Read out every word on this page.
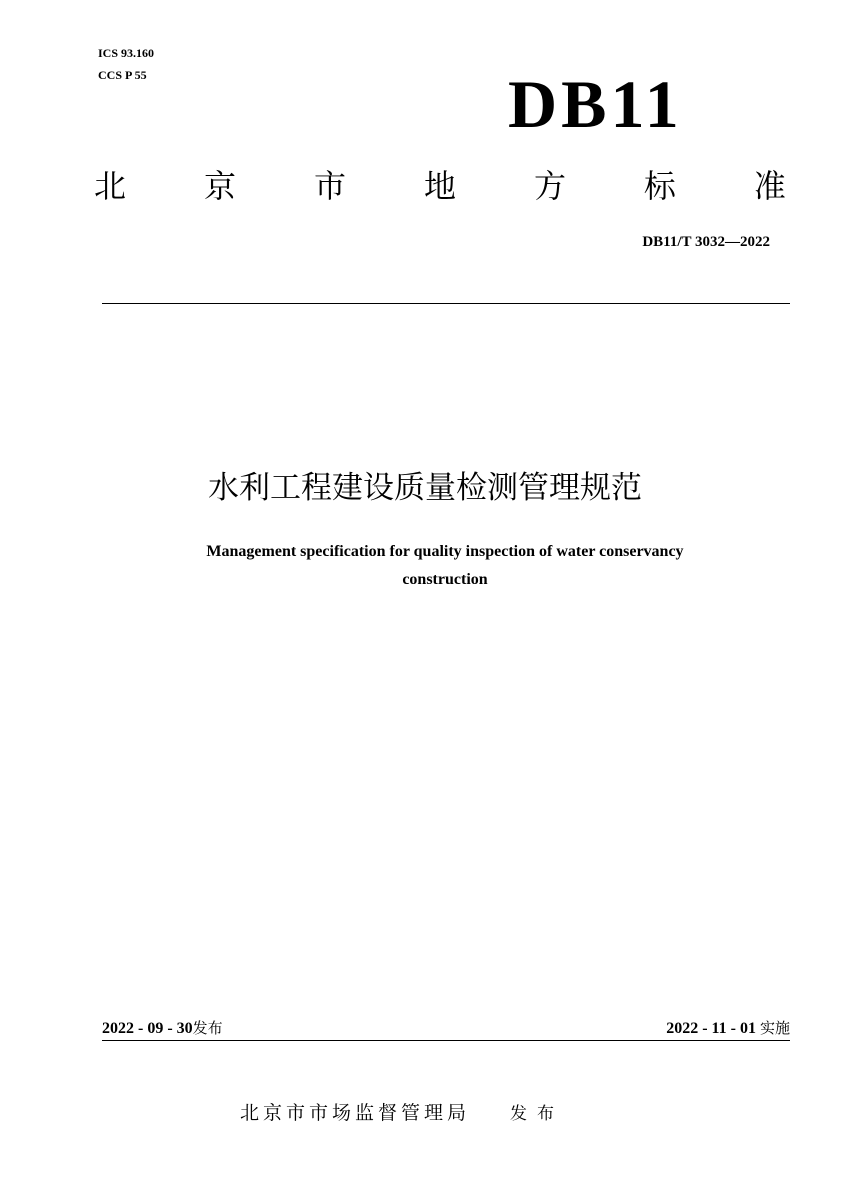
ICS 93.160
CCS P 55	DB11
北 京 市 地 方 标 准
DB11/T 3032—2022
水利工程建设质量检测管理规范
Management specification for quality inspection of water conservancy
construction
2022 - 09 - 30发布	2022 - 11 - 01 实施
北京市市场监督管理局 发布
